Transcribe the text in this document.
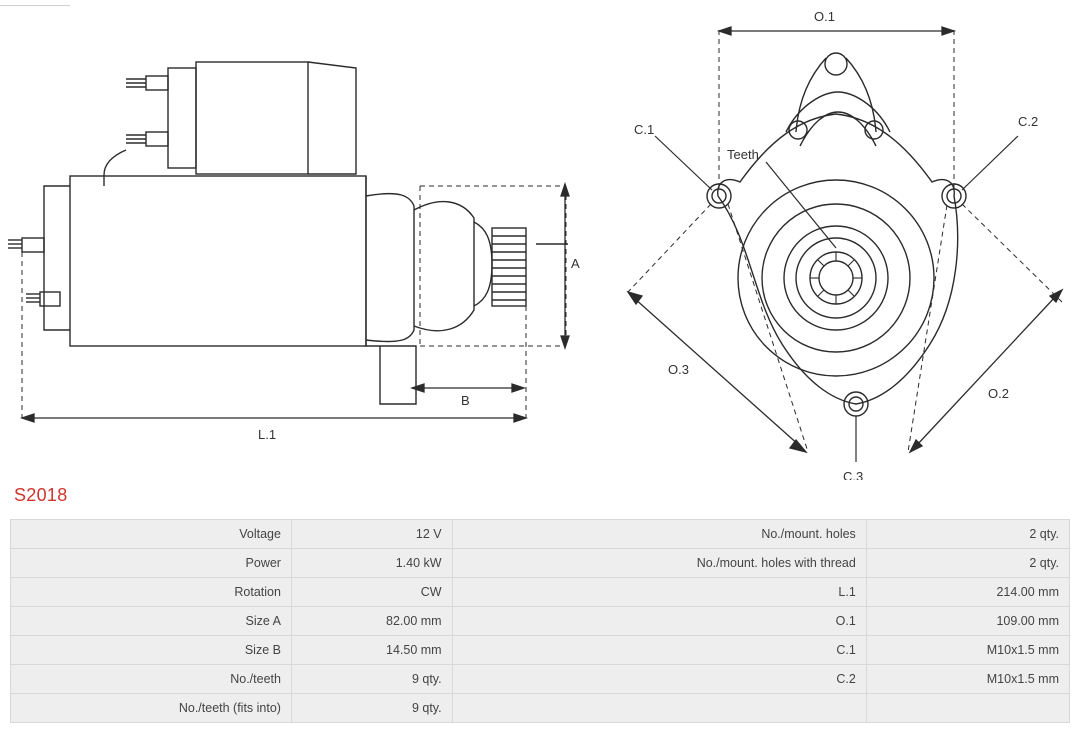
A
B
L.1
O.1
O.2
O.3
C.1
C.2
C.3
Teeth
S2018
Voltage	12 V	No./mount. holes	2 qty.
Power	1.40 kW	No./mount. holes with thread	2 qty.
Rotation	CW	L.1	214.00 mm
Size A	82.00 mm	O.1	109.00 mm
Size B	14.50 mm	C.1	M10x1.5 mm
No./teeth	9 qty.	C.2	M10x1.5 mm
No./teeth (fits into)	9 qty.		
